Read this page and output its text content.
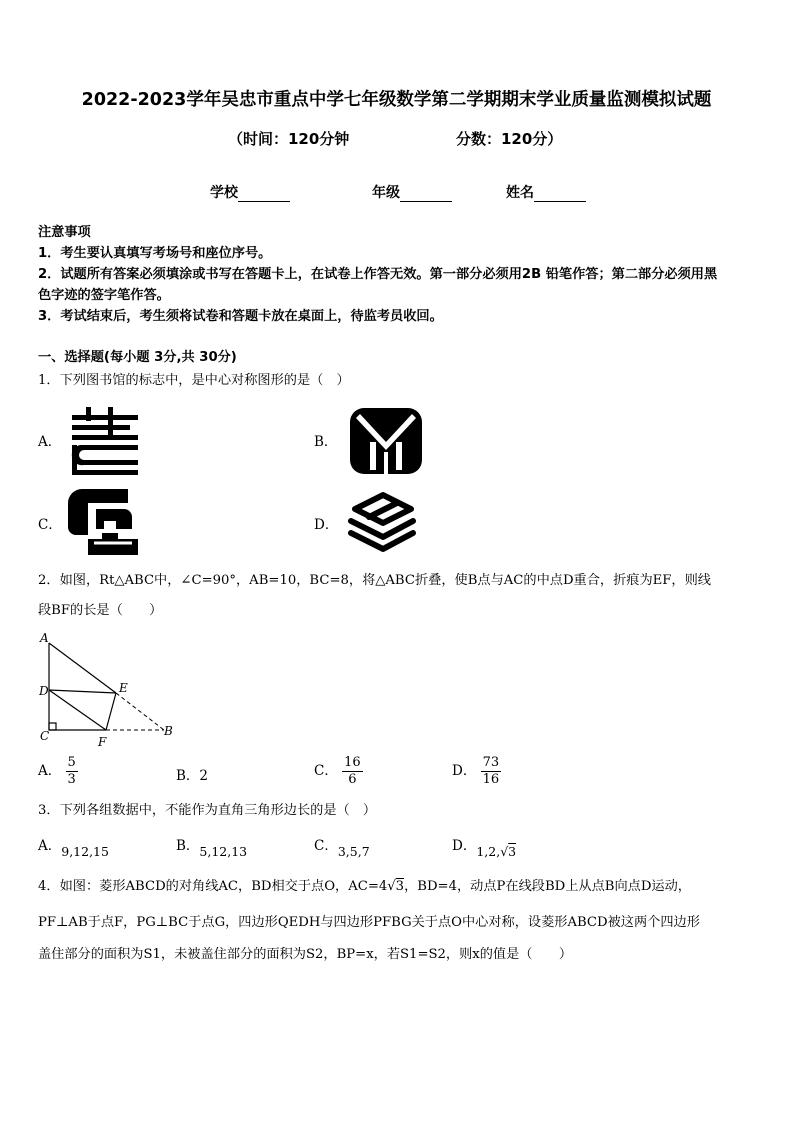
2022-2023学年吴忠市重点中学七年级数学第二学期期末学业质量监测模拟试题
（时间：120分钟	分数：120分）
学校	年级	姓名
注意事项
1．考生要认真填写考场号和座位序号。
2．试题所有答案必须填涂或书写在答题卡上，在试卷上作答无效。第一部分必须用2B 铅笔作答；第二部分必须用黑
色字迹的签字笔作答。
3．考试结束后，考生须将试卷和答题卡放在桌面上，待监考员收回。
一、选择题(每小题 3分,共 30分)
1．下列图书馆的标志中，是中心对称图形的是（　）
A．	B．
C．	D．
2．如图，Rt△ABC中，∠C=90°，AB=10，BC=8，将△ABC折叠，使B点与AC的中点D重合，折痕为EF，则线
段BF的长是（　　）
A
D	E
C	F
B
A． $\frac{5}{3}$	B．2	C． $\frac{16}{6}$	D． $\frac{73}{16}$
3．下列各组数据中，不能作为直角三角形边长的是（　）
A．9,12,15	B．5,12,13	C．3,5,7	D．1,2,√3
4．如图：菱形ABCD的对角线AC，BD相交于点O，AC=4√3，BD=4，动点P在线段BD上从点B向点D运动，
PF⊥AB于点F，PG⊥BC于点G，四边形QEDH与四边形PFBG关于点O中心对称，设菱形ABCD被这两个四边形
盖住部分的面积为S1，未被盖住部分的面积为S2，BP=x，若S1=S2，则x的值是（　　）
